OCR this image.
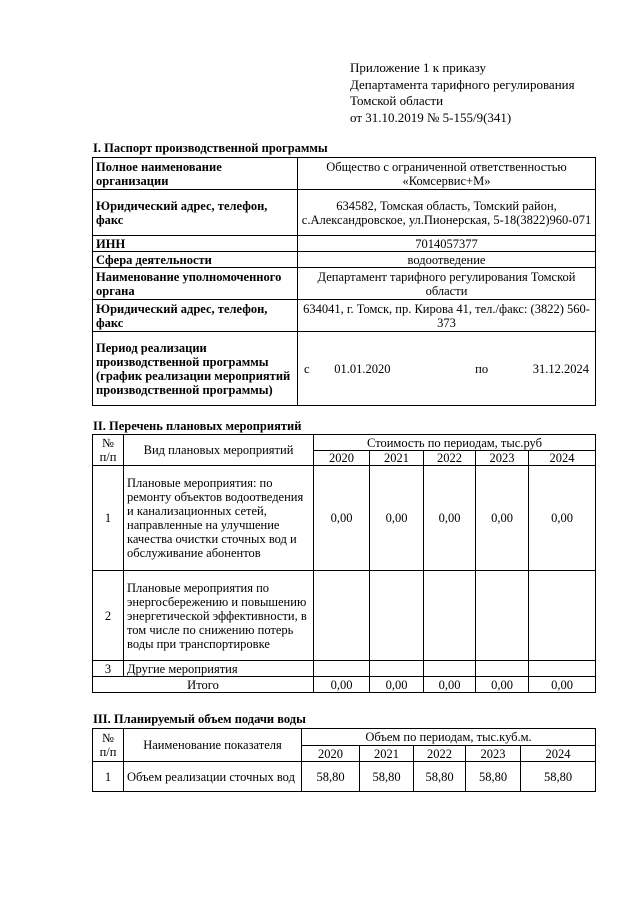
Приложение 1 к приказу
Департамента тарифного регулирования
Томской области
от 31.10.2019 № 5-155/9(341)
I. Паспорт производственной программы
Полное наименование организации	Общество с ограниченной ответственностью «Комсервис+М»
Юридический адрес, телефон, факс	634582, Томская область, Томский район, с.Александровское, ул.Пионерская, 5-18(3822)960-071
ИНН	7014057377
Сфера деятельности	водоотведение
Наименование уполномоченного органа	Департамент тарифного регулирования Томской области
Юридический адрес, телефон, факс	634041, г. Томск, пр. Кирова 41, тел./факс: (3822) 560-373
Период реализации производственной программы (график реализации мероприятий производственной программы)	с 01.01.2020 по 31.12.2024
II. Перечень плановых мероприятий
№ п/п	Вид плановых мероприятий	Стоимость по периодам, тыс.руб				
		2020	2021	2022	2023	2024
1	Плановые мероприятия: по ремонту объектов водоотведения и канализационных сетей, направленные на улучшение качества очистки сточных вод и обслуживание абонентов	0,00	0,00	0,00	0,00	0,00
2	Плановые мероприятия по энергосбережению и повышению энергетической эффективности, в том числе по снижению потерь воды при транспортировке					
3	Другие мероприятия					
Итого		0,00	0,00	0,00	0,00	0,00
III. Планируемый объем подачи воды
№ п/п	Наименование показателя	Объем по периодам, тыс.куб.м.				
		2020	2021	2022	2023	2024
1	Объем реализации сточных вод	58,80	58,80	58,80	58,80	58,80
